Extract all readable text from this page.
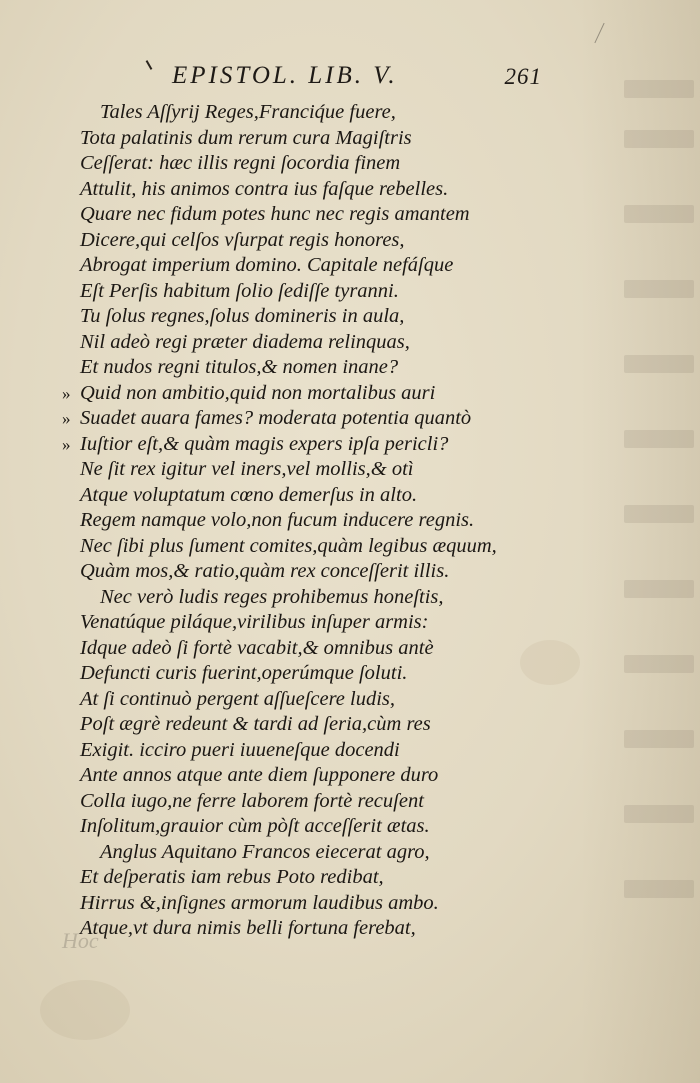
EPISTOL. LIB. V.	261
Tales Aſſyrij Reges,Franciq́ue fuere,
Tota palatinis dum rerum cura Magiſtris
Ceſſerat: hæc illis regni ſocordia finem
Attulit, his animos contra ius faſque rebelles.
Quare nec fidum potes hunc nec regis amantem
Dicere,qui celſos vſurpat regis honores,
Abrogat imperium domino. Capitale nefáſque
Eſt Perſis habitum ſolio ſediſſe tyranni.
Tu ſolus regnes,ſolus domineris in aula,
Nil adeò regi præter diadema relinquas,
Et nudos regni titulos,& nomen inane?
» Quid non ambitio,quid non mortalibus auri
» Suadet auara fames? moderata potentia quantò
» Iuſtior eſt,& quàm magis expers ipſa pericli?
Ne ſit rex igitur vel iners,vel mollis,& otì
Atque voluptatum cœno demerſus in alto.
Regem namque volo,non fucum inducere regnis.
Nec ſibi plus ſument comites,quàm legibus æquum,
Quàm mos,& ratio,quàm rex conceſſerit illis.
Nec verò ludis reges prohibemus honeſtis,
Venatúque piláque,virilibus inſuper armis:
Idque adeò ſi fortè vacabit,& omnibus antè
Defuncti curis fuerint,operúmque ſoluti.
At ſi continuò pergent aſſueſcere ludis,
Poſt ægrè redeunt & tardi ad ſeria,cùm res
Exigit. icciro pueri iuueneſque docendi
Ante annos atque ante diem ſupponere duro
Colla iugo,ne ferre laborem fortè recuſent
Inſolitum,grauior cùm pòſt acceſſerit ætas.
Anglus Aquitano Francos eiecerat agro,
Et deſperatis iam rebus Poto redibat,
Hirrus &,inſignes armorum laudibus ambo.
Atque,vt dura nimis belli fortuna ferebat,
Hoc
